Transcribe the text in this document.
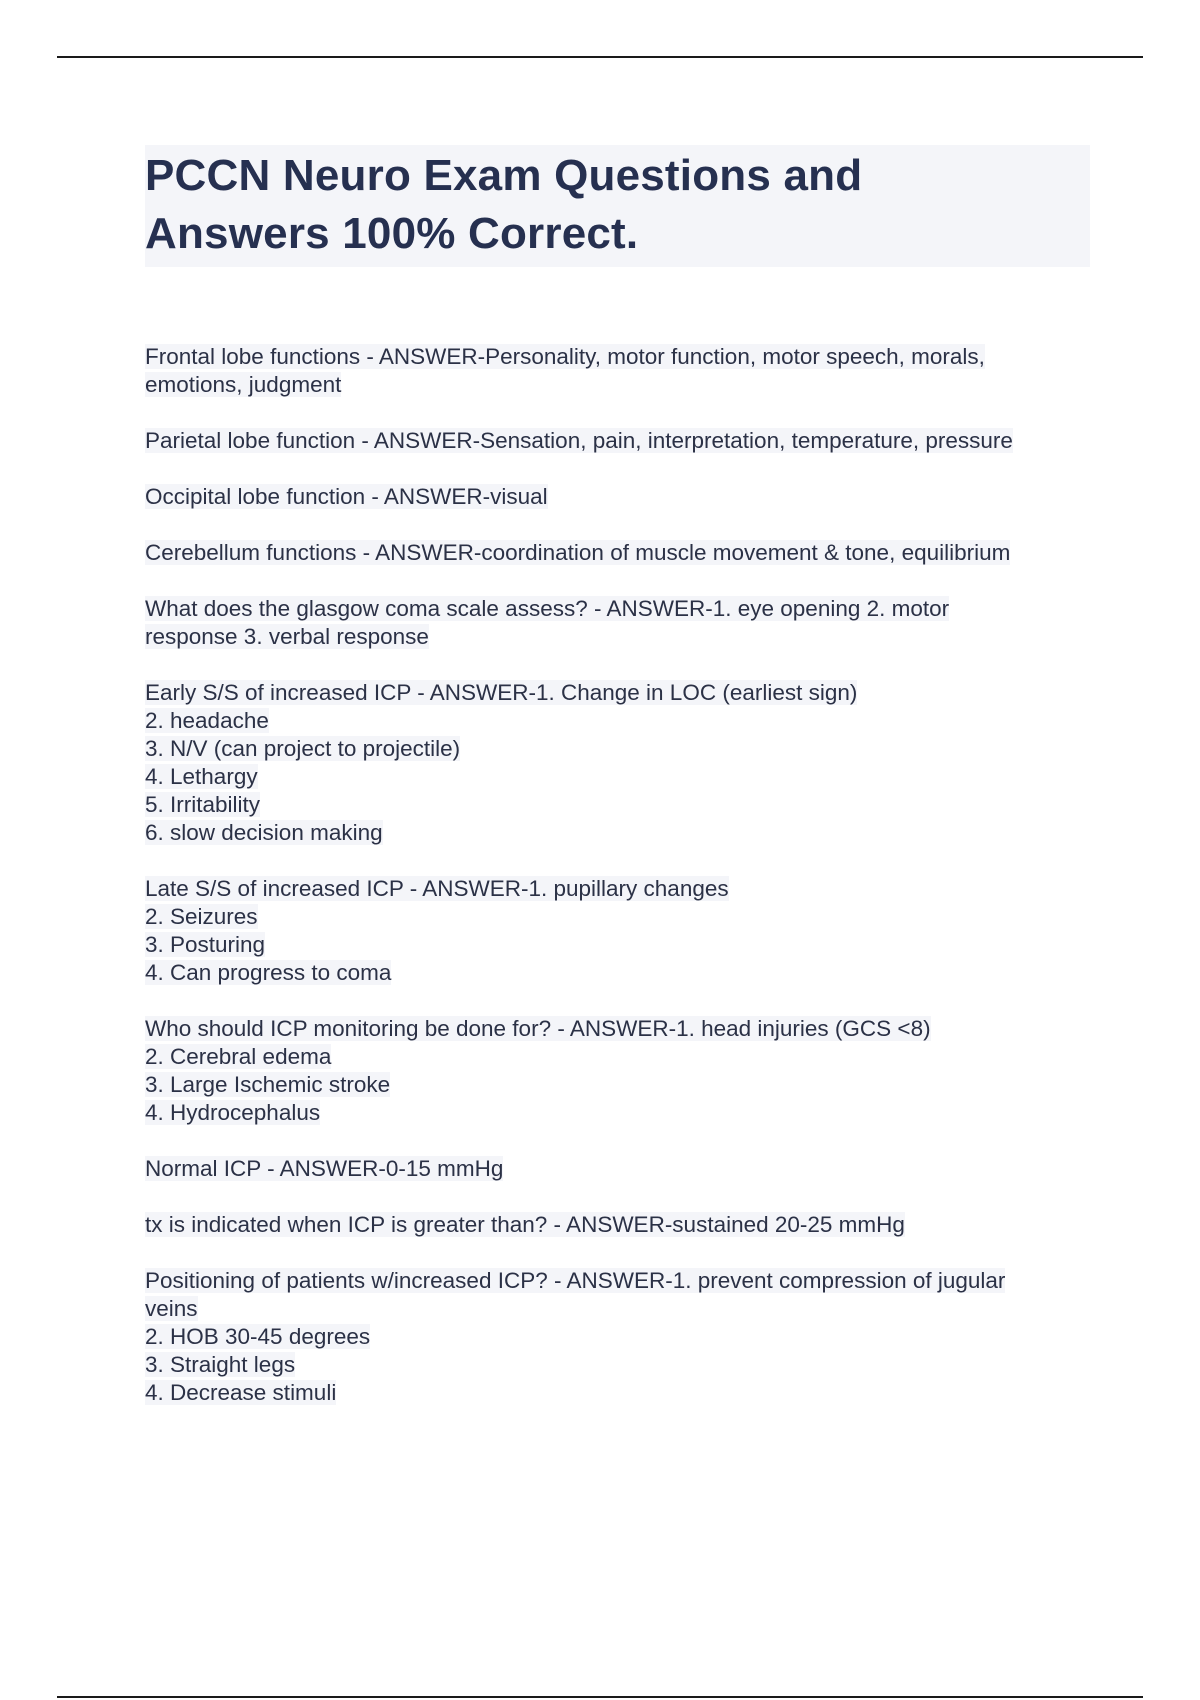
PCCN Neuro Exam Questions and
Answers 100% Correct.
Frontal lobe functions - ANSWER-Personality, motor function, motor speech, morals,
emotions, judgment
Parietal lobe function - ANSWER-Sensation, pain, interpretation, temperature, pressure
Occipital lobe function - ANSWER-visual
Cerebellum functions - ANSWER-coordination of muscle movement & tone, equilibrium
What does the glasgow coma scale assess? - ANSWER-1. eye opening 2. motor
response 3. verbal response
Early S/S of increased ICP - ANSWER-1. Change in LOC (earliest sign)
2. headache
3. N/V (can project to projectile)
4. Lethargy
5. Irritability
6. slow decision making
Late S/S of increased ICP - ANSWER-1. pupillary changes
2. Seizures
3. Posturing
4. Can progress to coma
Who should ICP monitoring be done for? - ANSWER-1. head injuries (GCS <8)
2. Cerebral edema
3. Large Ischemic stroke
4. Hydrocephalus
Normal ICP - ANSWER-0-15 mmHg
tx is indicated when ICP is greater than? - ANSWER-sustained 20-25 mmHg
Positioning of patients w/increased ICP? - ANSWER-1. prevent compression of jugular
veins
2. HOB 30-45 degrees
3. Straight legs
4. Decrease stimuli
